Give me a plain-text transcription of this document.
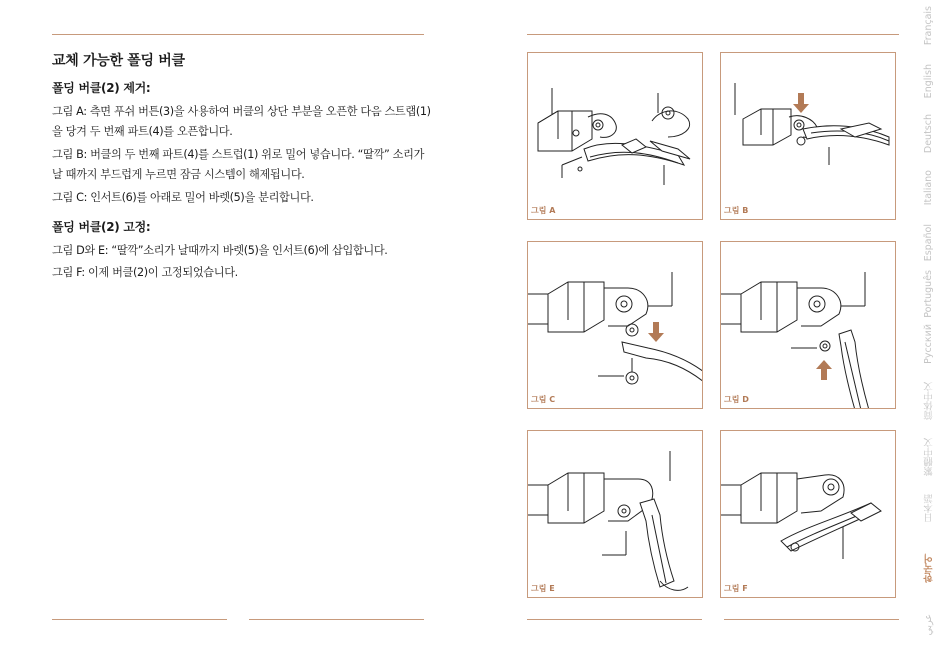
교체 가능한 폴딩 버클
폴딩 버클(2) 제거:
그림 A: 측면 푸쉬 버튼(3)을 사용하여 버클의 상단 부분을 오픈한 다음 스트랩(1)을 당겨 두 번째 파트(4)를 오픈합니다.
그림 B: 버클의 두 번째 파트(4)를 스트럽(1) 위로 밀어 넣습니다. “딸깍” 소리가 날 때까지 부드럽게 누르면 잠금 시스템이 해제됩니다.
그림 C: 인서트(6)를 아래로 밀어 바렛(5)을 분리합니다.
폴딩 버클(2) 고정:
그림 D와 E: “딸깍”소리가 날때까지 바렛(5)을 인서트(6)에 삽입합니다.
그림 F: 이제 버클(2)이 고정되었습니다.
그림 A	그림 B
그림 C	그림 D
그림 E	그림 F
Français
English
Deutsch
Italiano
Español
Português
Русский
简体中文
繁體中文
日本語
한국어
عربي
